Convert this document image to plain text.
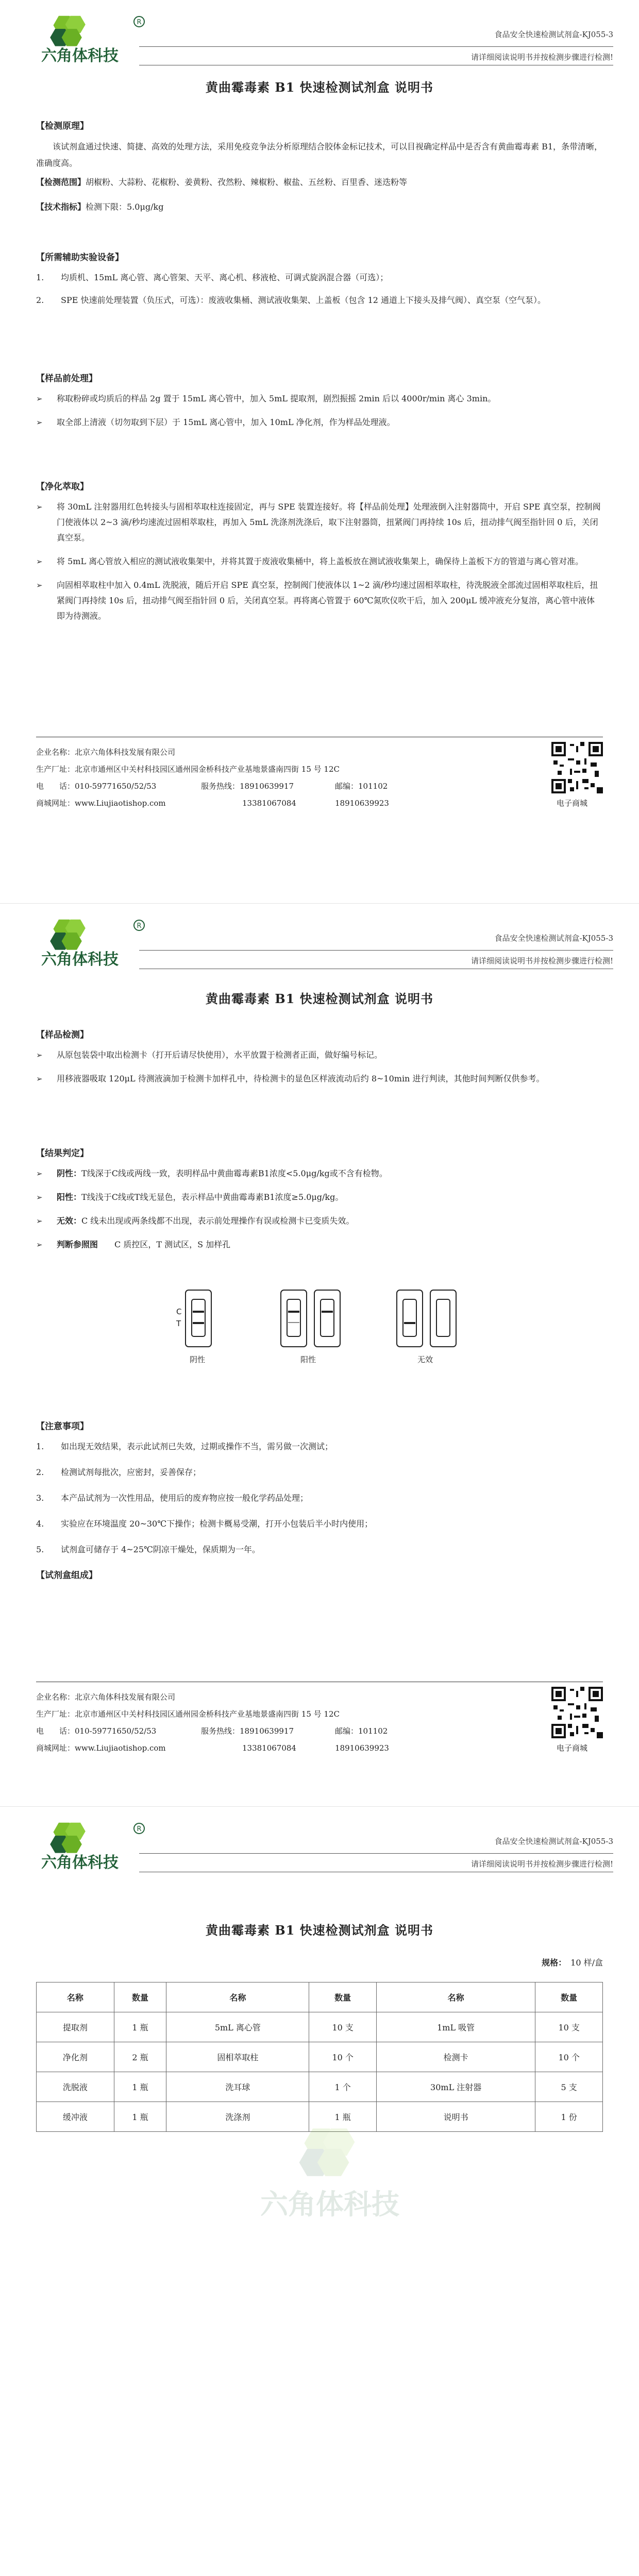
R
六角体科技
食品安全快速检测试剂盒-KJ055-3
请详细阅读说明书并按检测步骤进行检测!
黄曲霉毒素 B1 快速检测试剂盒 说明书
【检测原理】
该试剂盒通过快速、简捷、高效的处理方法，采用免疫竞争法分析原理结合胶体金标记技术，可以目视确定样品中是否含有黄曲霉毒素 B1，条带清晰，准确度高。
【检测范围】胡椒粉、大蒜粉、花椒粉、姜黄粉、孜然粉、辣椒粉、椒盐、五丝粉、百里香、迷迭粉等
【技术指标】检测下限：5.0μg/kg
【所需辅助实验设备】
1.	均质机、15mL 离心管、离心管架、天平、离心机、移液枪、可调式旋涡混合器（可选）；
2.	SPE 快速前处理装置（负压式，可选）：废液收集桶、测试液收集架、上盖板（包含 12 通道上下接头及排气阀）、真空泵（空气泵）。
【样品前处理】
➢	称取粉碎或均质后的样品 2g 置于 15mL 离心管中，加入 5mL 提取剂，剧烈振摇 2min 后以 4000r/min 离心 3min。
➢	取全部上清液（切勿取到下层）于 15mL 离心管中，加入 10mL 净化剂，作为样品处理液。
【净化萃取】
➢	将 30mL 注射器用红色转接头与固相萃取柱连接固定，再与 SPE 装置连接好。将【样品前处理】处理液倒入注射器筒中，开启 SPE 真空泵，控制阀门使液体以 2~3 滴/秒均速流过固相萃取柱，再加入 5mL 洗涤剂洗涤后，取下注射器筒，扭紧阀门再持续 10s 后，扭动排气阀至指针回 0 后，关闭真空泵。
➢	将 5mL 离心管放入相应的测试液收集架中，并将其置于废液收集桶中，将上盖板放在测试液收集架上，确保待上盖板下方的管道与离心管对准。
➢	向固相萃取柱中加入 0.4mL 洗脱液，随后开启 SPE 真空泵，控制阀门使液体以 1~2 滴/秒均速过固相萃取柱，待洗脱液全部流过固相萃取柱后，扭紧阀门再持续 10s 后，扭动排气阀至指针回 0 后，关闭真空泵。再将离心管置于 60℃氮吹仪吹干后，加入 200μL 缓冲液充分复溶，离心管中液体即为待测液。
企业名称：北京六角体科技发展有限公司
生产厂址：北京市通州区中关村科技园区通州园金桥科技产业基地景盛南四街 15 号 12C
电　　话：010-59771650/52/53	服务热线：18910639917	邮编：101102
商城网址：www.Liujiaotishop.com	13381067084	18910639923	电子商城
R
六角体科技
食品安全快速检测试剂盒-KJ055-3
请详细阅读说明书并按检测步骤进行检测!
黄曲霉毒素 B1 快速检测试剂盒 说明书
【样品检测】
➢	从原包装袋中取出检测卡（打开后请尽快使用），水平放置于检测者正面，做好编号标记。
➢	用移液器吸取 120μL 待测液滴加于检测卡加样孔中，待检测卡的显色区样液流动后约 8~10min 进行判读，其他时间判断仅供参考。
【结果判定】
➢	阴性：T线深于C线或两线一致，表明样品中黄曲霉毒素B1浓度<5.0μg/kg或不含有检物。
➢	阳性：T线浅于C线或T线无显色，表示样品中黄曲霉毒素B1浓度≥5.0μg/kg。
➢	无效：C 线未出现或两条线都不出现，表示前处理操作有误或检测卡已变质失效。
➢	判断参照图　　 C 质控区，T 测试区，S 加样孔
C
T
阴性	阳性	无效
【注意事项】
1.	如出现无效结果，表示此试剂已失效，过期或操作不当，需另做一次测试；
2.	检测试剂每批次，应密封，妥善保存；
3.	本产品试剂为一次性用品，使用后的废弃物应按一般化学药品处理；
4.	实验应在环境温度 20~30℃下操作；检测卡概易受潮，打开小包装后半小时内使用；
5.	试剂盒可储存于 4~25℃阴凉干燥处，保质期为一年。
【试剂盒组成】
企业名称：北京六角体科技发展有限公司
生产厂址：北京市通州区中关村科技园区通州园金桥科技产业基地景盛南四街 15 号 12C
电　　话：010-59771650/52/53	服务热线：18910639917	邮编：101102
商城网址：www.Liujiaotishop.com	13381067084	18910639923	电子商城
R
六角体科技
食品安全快速检测试剂盒-KJ055-3
请详细阅读说明书并按检测步骤进行检测!
黄曲霉毒素 B1 快速检测试剂盒 说明书
规格：　 10 样/盒
名称	数量	名称	数量	名称	数量
提取剂	1 瓶	5mL 离心管	10 支	1mL 吸管	10 支
净化剂	2 瓶	固相萃取柱	10 个	检测卡	10 个
洗脱液	1 瓶	洗耳球	1 个	30mL 注射器	5 支
缓冲液	1 瓶	洗涤剂	1 瓶	说明书	1 份
六角体科技
